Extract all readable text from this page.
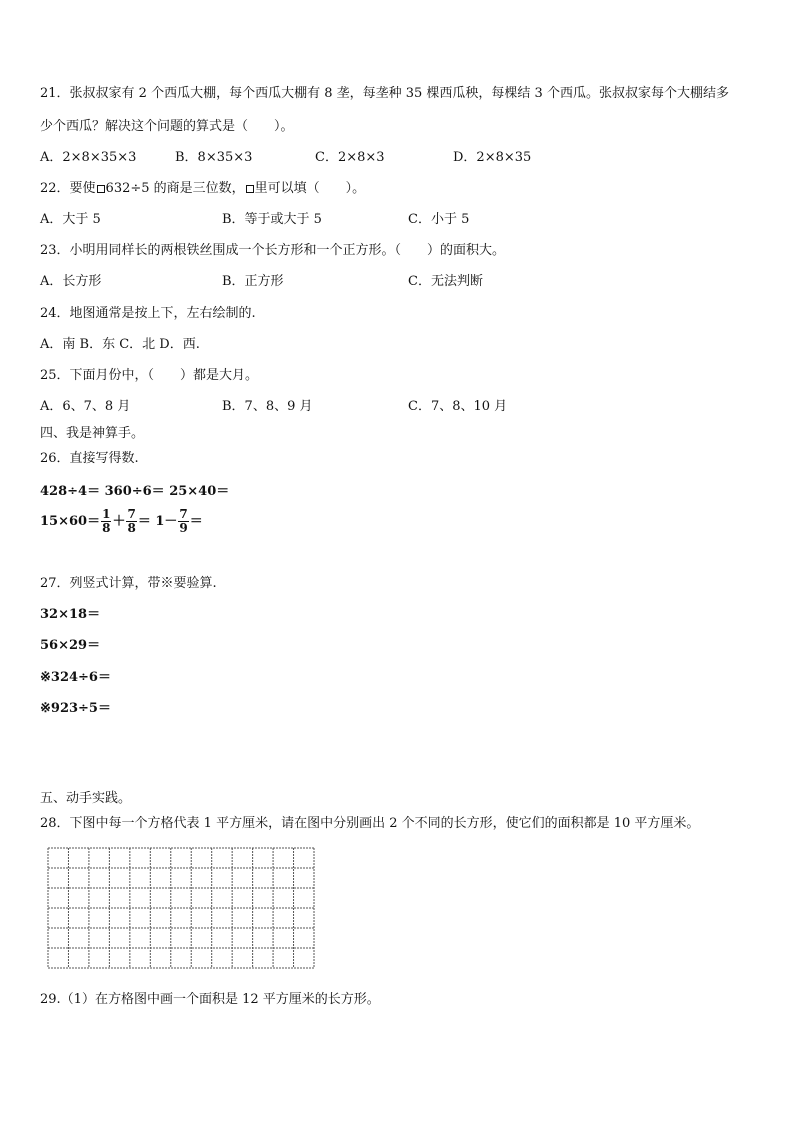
21．张叔叔家有 2 个西瓜大棚，每个西瓜大棚有 8 垄，每垄种 35 棵西瓜秧，每棵结 3 个西瓜。张叔叔家每个大棚结多
少个西瓜？解决这个问题的算式是（　　）。
A．2×8×35×3	B．8×35×3	C．2×8×3	D．2×8×35
22．要使 632÷5 的商是三位数， 里可以填（　　）。
A．大于 5	B．等于或大于 5	C．小于 5
23．小明用同样长的两根铁丝围成一个长方形和一个正方形。（　　）的面积大。
A．长方形	B．正方形	C．无法判断
24．地图通常是按上下，左右绘制的.
A．南 B．东 C．北 D．西.
25．下面月份中，（　　）都是大月。
A．6、7、8 月	B．7、8、9 月	C．7、8、10 月
四、我是神算手。
26．直接写得数.
428÷4＝ 360÷6＝ 25×40＝
$15\times 60= \frac{1}{8} + \frac{7}{8} = 1- \frac{7}{9}$ ＝
27．列竖式计算，带※要验算.
32×18＝
56×29＝
※324÷6＝
※923÷5＝
五、动手实践。
28．下图中每一个方格代表 1 平方厘米，请在图中分别画出 2 个不同的长方形，使它们的面积都是 10 平方厘米。
29.（1）在方格图中画一个面积是 12 平方厘米的长方形。
